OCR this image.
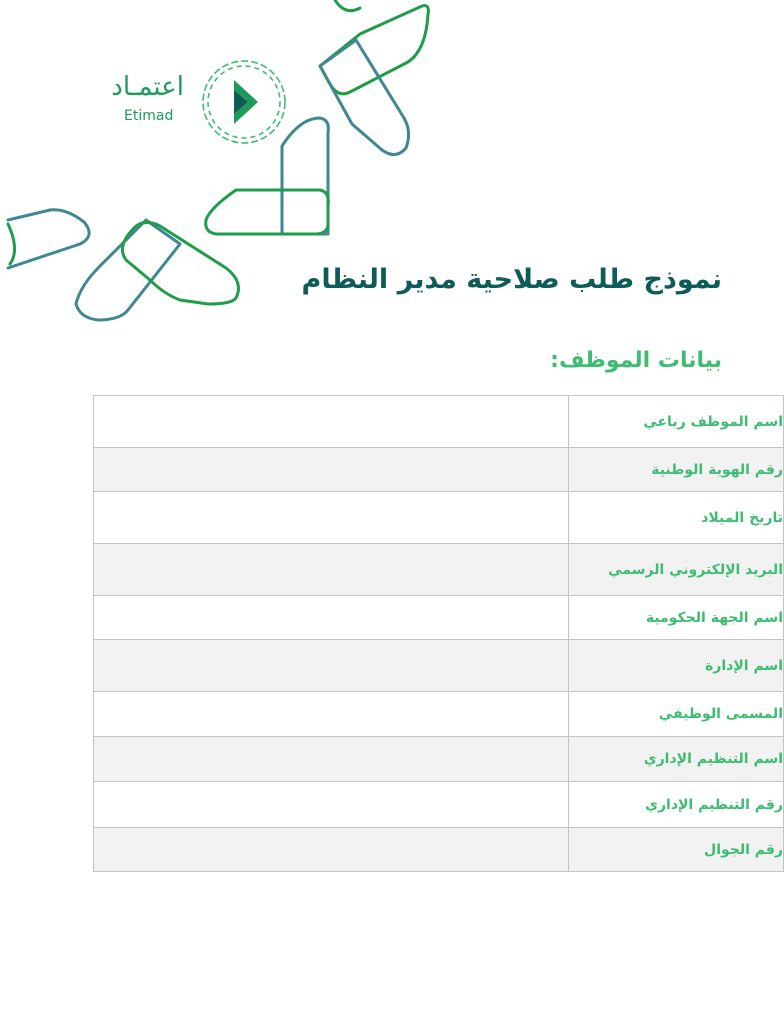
اعتمـاد
Etimad
نموذج طلب صلاحية مدير النظام
بيانات الموظف:
	اسم الموظف رباعي
	رقم الهوية الوطنية
	تاريخ الميلاد
	البريد الإلكتروني الرسمي
	اسم الجهة الحكومية
	اسم الإدارة
	المسمى الوظيفي
	اسم التنظيم الإداري
	رقم التنظيم الإداري
	رقم الجوال
